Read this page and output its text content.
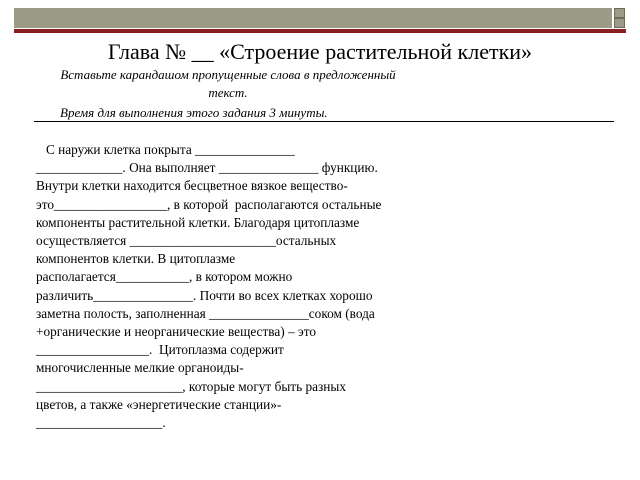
Глава № __ «Строение растительной клетки»
Вставьте карандашом пропущенные слова в предложенный
текст.
Время для выполнения этого задания 3 минуты.
С наружи клетка покрыта _______________
_____________. Она выполняет _______________ функцию.
Внутри клетки находится бесцветное вязкое вещество-
это_________________, в которой  располагаются остальные
компоненты растительной клетки. Благодаря цитоплазме
осуществляется ______________________остальных
компонентов клетки. В цитоплазме
располагается___________, в котором можно
различить_______________. Почти во всех клетках хорошо
заметна полость, заполненная _______________соком (вода
+органические и неорганические вещества) – это
_________________.  Цитоплазма содержит
многочисленные мелкие органоиды-
______________________, которые могут быть разных
цветов, а также «энергетические станции»-
___________________.
